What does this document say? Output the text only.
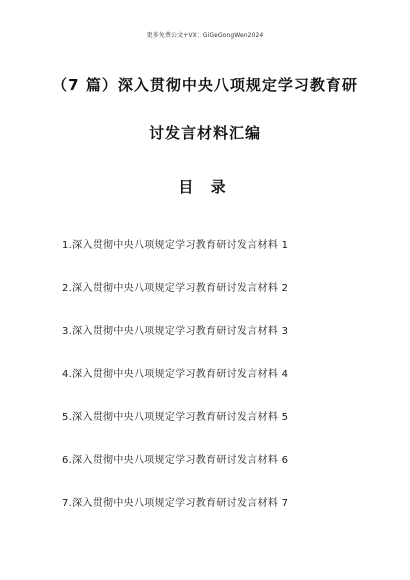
更多免费公文+VX：GiGeGongWen2024
（7 篇）深入贯彻中央八项规定学习教育研
讨发言材料汇编
目 录
1.深入贯彻中央八项规定学习教育研讨发言材料 1
2.深入贯彻中央八项规定学习教育研讨发言材料 2
3.深入贯彻中央八项规定学习教育研讨发言材料 3
4.深入贯彻中央八项规定学习教育研讨发言材料 4
5.深入贯彻中央八项规定学习教育研讨发言材料 5
6.深入贯彻中央八项规定学习教育研讨发言材料 6
7.深入贯彻中央八项规定学习教育研讨发言材料 7
